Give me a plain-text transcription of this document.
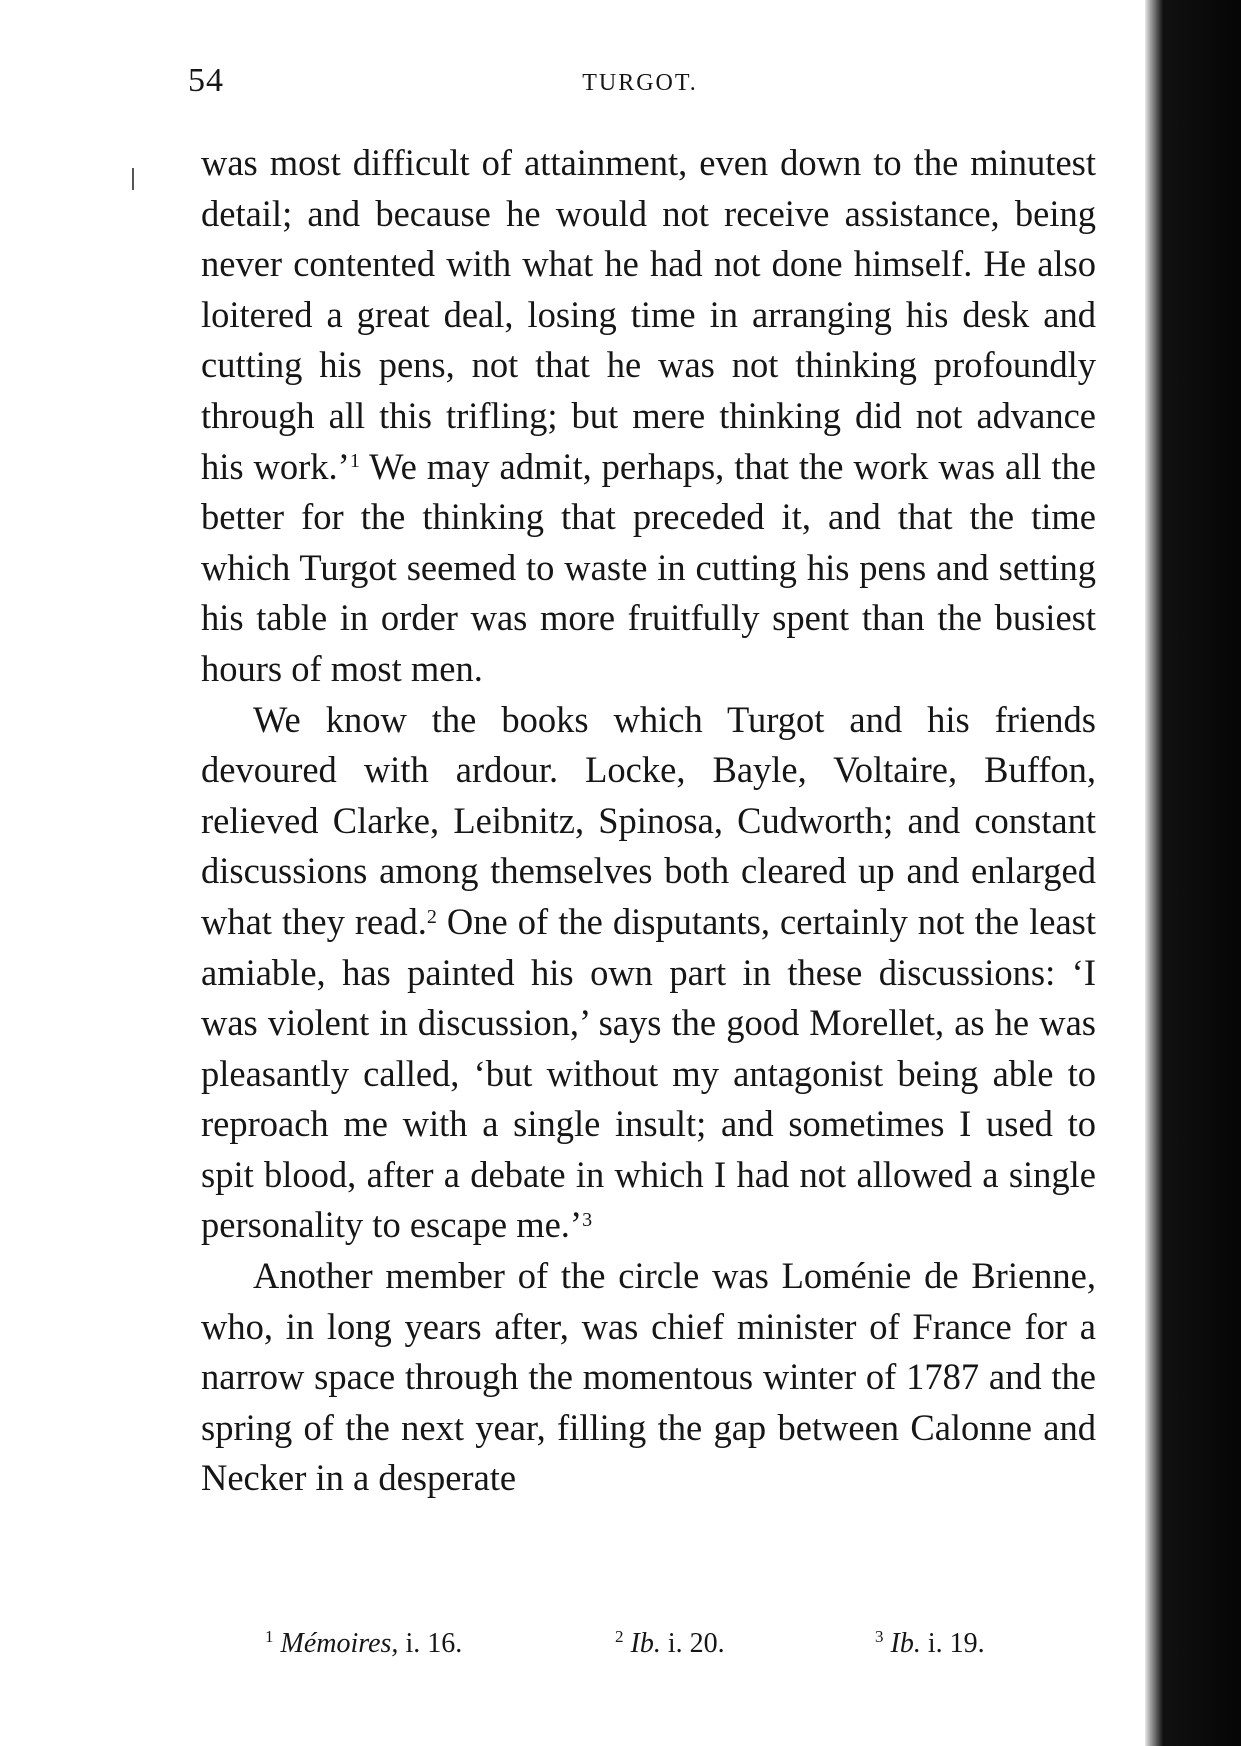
54	TURGOT.

was most difficult of attainment, even down to the minutest detail; and because he would not receive assistance, being never contented with what he had not done himself. He also loitered a great deal, losing time in arranging his desk and cutting his pens, not that he was not thinking profoundly through all this trifling; but mere thinking did not advance his work.’$^1$ We may admit, perhaps, that the work was all the better for the thinking that preceded it, and that the time which Turgot seemed to waste in cutting his pens and setting his table in order was more fruitfully spent than the busiest hours of most men.

We know the books which Turgot and his friends devoured with ardour. Locke, Bayle, Voltaire, Buffon, relieved Clarke, Leibnitz, Spinosa, Cudworth; and constant discussions among themselves both cleared up and enlarged what they read.$^2$ One of the disputants, certainly not the least amiable, has painted his own part in these discussions: ‘I was violent in discussion,’ says the good Morellet, as he was pleasantly called, ‘but without my antagonist being able to reproach me with a single insult; and sometimes I used to spit blood, after a debate in which I had not allowed a single personality to escape me.’$^3$

Another member of the circle was Loménie de Brienne, who, in long years after, was chief minister of France for a narrow space through the momentous winter of 1787 and the spring of the next year, filling the gap between Calonne and Necker in a desperate

$^1$ Mémoires, i. 16.	$^2$ Ib. i. 20.	$^3$ Ib. i. 19.
